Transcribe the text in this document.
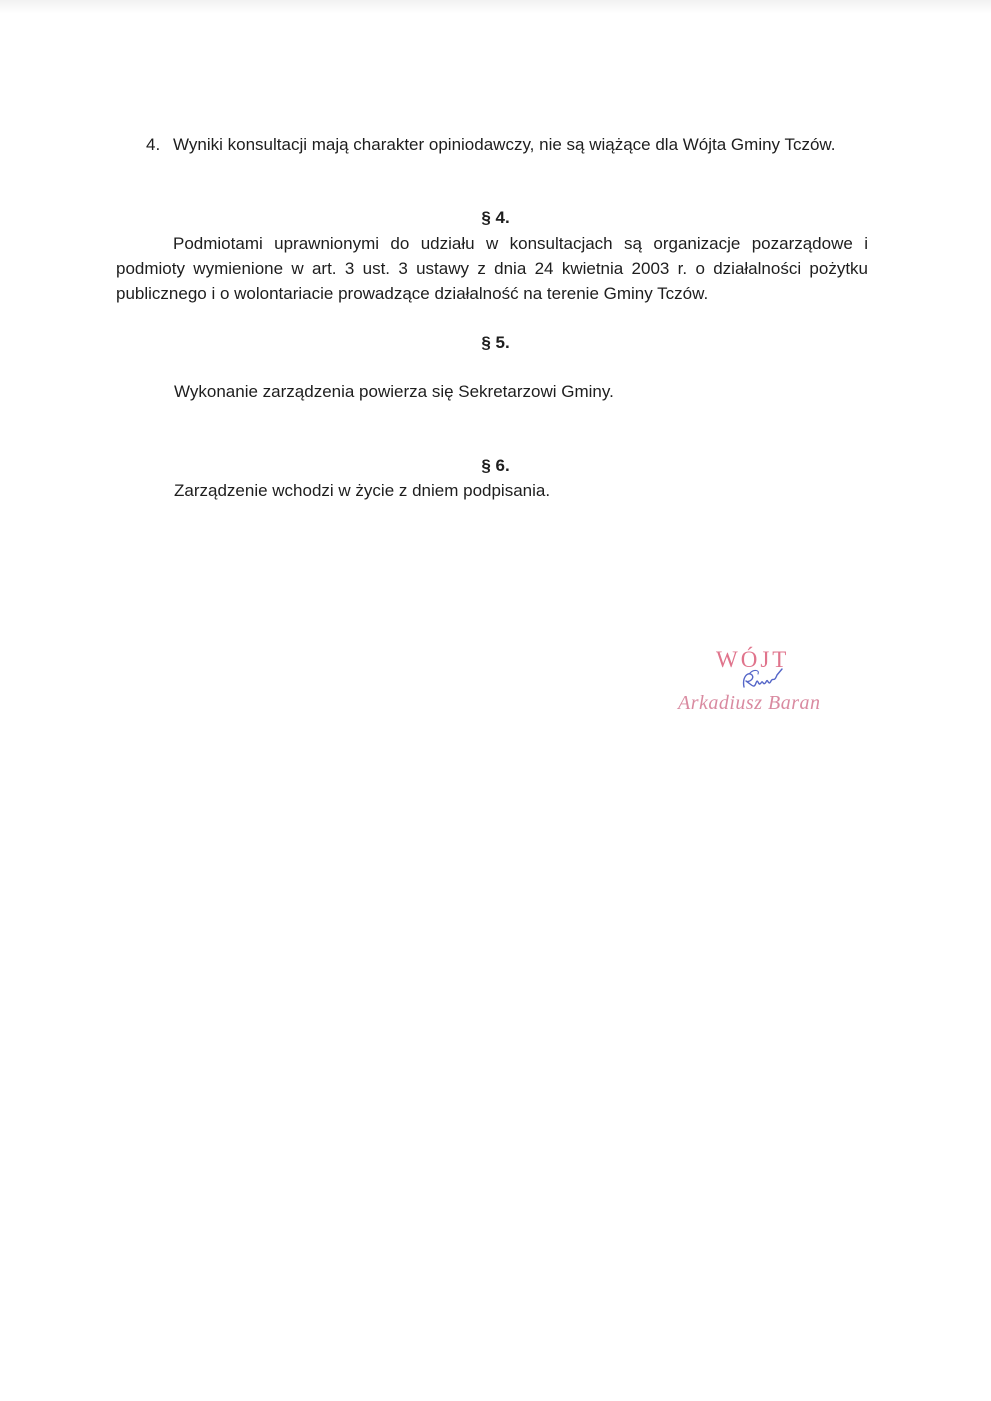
4. Wyniki konsultacji mają charakter opiniodawczy, nie są wiążące dla Wójta Gminy Tczów.

§ 4.

Podmiotami uprawnionymi do udziału w konsultacjach są organizacje pozarządowe i podmioty wymienione w art. 3 ust. 3 ustawy z dnia 24 kwietnia 2003 r. o działalności pożytku publicznego i o wolontariacie prowadzące działalność na terenie Gminy Tczów.

§ 5.

Wykonanie zarządzenia powierza się Sekretarzowi Gminy.

§ 6.

Zarządzenie wchodzi w życie z dniem podpisania.

WÓJT
Arkadiusz Baran
